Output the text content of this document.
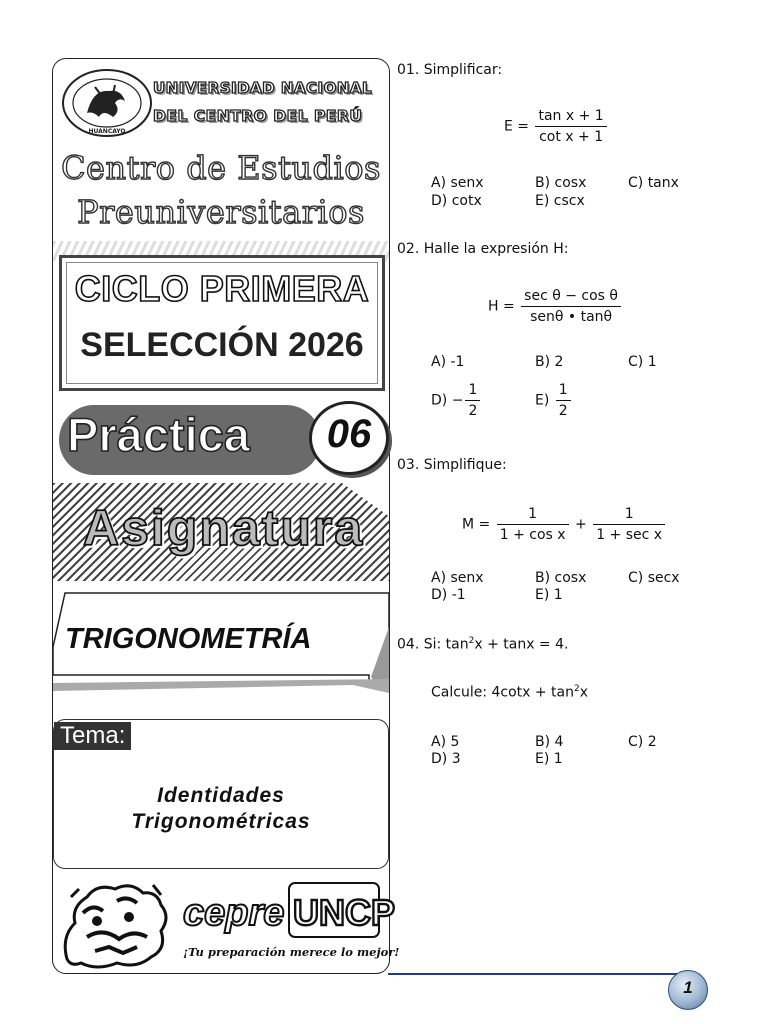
HUANCAYO
UNIVERSIDAD NACIONAL
DEL CENTRO DEL PERÚ
Centro de Estudios
Preuniversitarios
CICLO PRIMERA
SELECCIÓN 2026
Práctica	06
Asignatura
TRIGONOMETRÍA
Tema:
Identidades
Trigonométricas
cepre UNCP
¡Tu preparación merece lo mejor!
01. Simplificar:
$E = \frac{\text{tan x + 1}}{\text{cot x + 1}}$
A) senx	B) cosx	C) tanx
D) cotx	E) cscx
02. Halle la expresión H:
$H = \frac{\text{sec θ − cos θ}}{\text{senθ • tanθ}}$
A) -1	B) 2	C) 1
$D) - \frac{1}{2}$	$E) \frac{1}{2}$
03. Simplifique:
$M = \frac{1}{\text{1 + cos x}} + \frac{1}{\text{1 + sec x}}$
A) senx	B) cosx	C) secx
D) -1	E) 1
04. Si: $\tan^2x + \tan x = 4$.
Calcule: $4\cot x + \tan^2x$
A) 5	B) 4	C) 2
D) 3	E) 1
1
